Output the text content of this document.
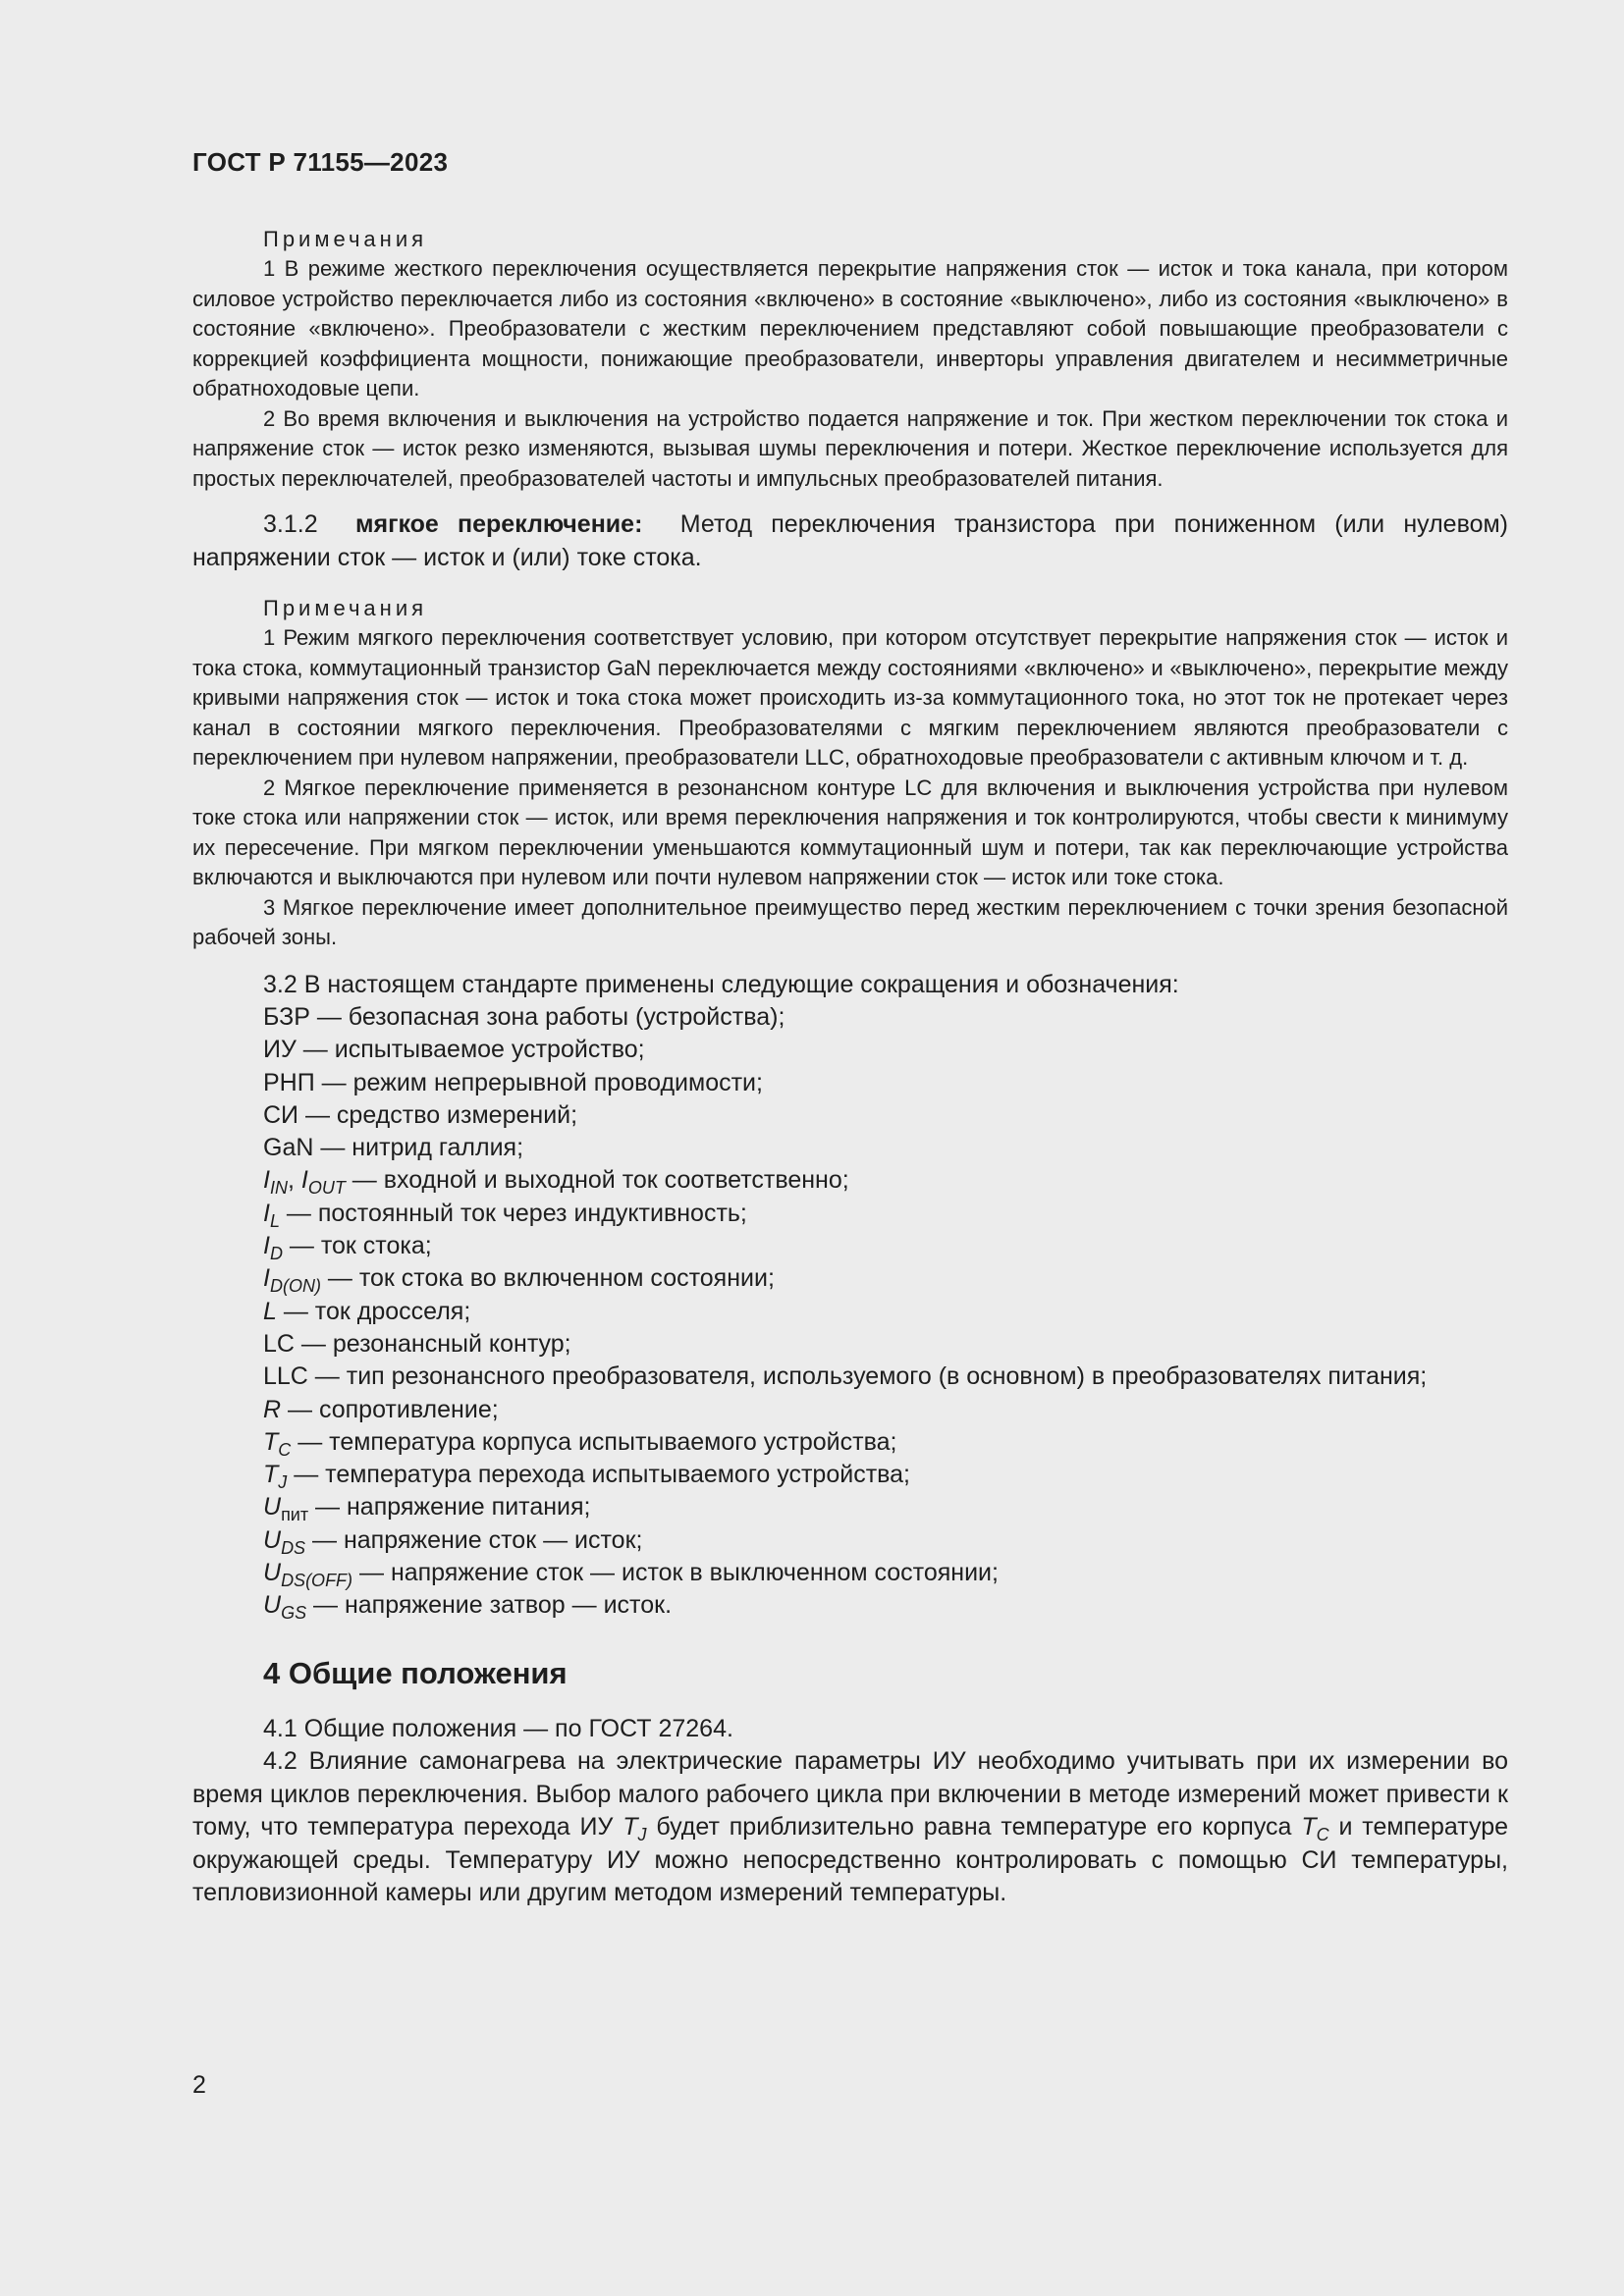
ГОСТ Р 71155—2023
Примечания

1 В режиме жесткого переключения осуществляется перекрытие напряжения сток — исток и тока канала, при котором силовое устройство переключается либо из состояния «включено» в состояние «выключено», либо из состояния «выключено» в состояние «включено». Преобразователи с жестким переключением представляют собой повышающие преобразователи с коррекцией коэффициента мощности, понижающие преобразователи, инверторы управления двигателем и несимметричные обратноходовые цепи.

2 Во время включения и выключения на устройство подается напряжение и ток. При жестком переключении ток стока и напряжение сток — исток резко изменяются, вызывая шумы переключения и потери. Жесткое переключение используется для простых переключателей, преобразователей частоты и импульсных преобразователей питания.

3.1.2 мягкое переключение: Метод переключения транзистора при пониженном (или нулевом) напряжении сток — исток и (или) токе стока.

Примечания

1 Режим мягкого переключения соответствует условию, при котором отсутствует перекрытие напряжения сток — исток и тока стока, коммутационный транзистор GaN переключается между состояниями «включено» и «выключено», перекрытие между кривыми напряжения сток — исток и тока стока может происходить из-за коммутационного тока, но этот ток не протекает через канал в состоянии мягкого переключения. Преобразователями с мягким переключением являются преобразователи с переключением при нулевом напряжении, преобразователи LLC, обратноходовые преобразователи с активным ключом и т. д.

2 Мягкое переключение применяется в резонансном контуре LC для включения и выключения устройства при нулевом токе стока или напряжении сток — исток, или время переключения напряжения и ток контролируются, чтобы свести к минимуму их пересечение. При мягком переключении уменьшаются коммутационный шум и потери, так как переключающие устройства включаются и выключаются при нулевом или почти нулевом напряжении сток — исток или токе стока.

3 Мягкое переключение имеет дополнительное преимущество перед жестким переключением с точки зрения безопасной рабочей зоны.

3.2 В настоящем стандарте применены следующие сокращения и обозначения:

БЗР — безопасная зона работы (устройства);

ИУ — испытываемое устройство;

РНП — режим непрерывной проводимости;

СИ — средство измерений;

GaN — нитрид галлия;

$I_{IN}$, $I_{OUT}$ — входной и выходной ток соответственно;

$I_L$ — постоянный ток через индуктивность;

$I_D$ — ток стока;

$I_{D(ON)}$ — ток стока во включенном состоянии;

L — ток дросселя;

LC — резонансный контур;

LLC — тип резонансного преобразователя, используемого (в основном) в преобразователях питания;

R — сопротивление;

$T_C$ — температура корпуса испытываемого устройства;

$T_J$ — температура перехода испытываемого устройства;

$U_{пит}$ — напряжение питания;

$U_{DS}$ — напряжение сток — исток;

$U_{DS(OFF)}$ — напряжение сток — исток в выключенном состоянии;

$U_{GS}$ — напряжение затвор — исток.

4 Общие положения

4.1 Общие положения — по ГОСТ 27264.

4.2 Влияние самонагрева на электрические параметры ИУ необходимо учитывать при их измерении во время циклов переключения. Выбор малого рабочего цикла при включении в методе измерений может привести к тому, что температура перехода ИУ $T_J$ будет приблизительно равна температуре его корпуса $T_C$ и температуре окружающей среды. Температуру ИУ можно непосредственно контролировать с помощью СИ температуры, тепловизионной камеры или другим методом измерений температуры.

2
